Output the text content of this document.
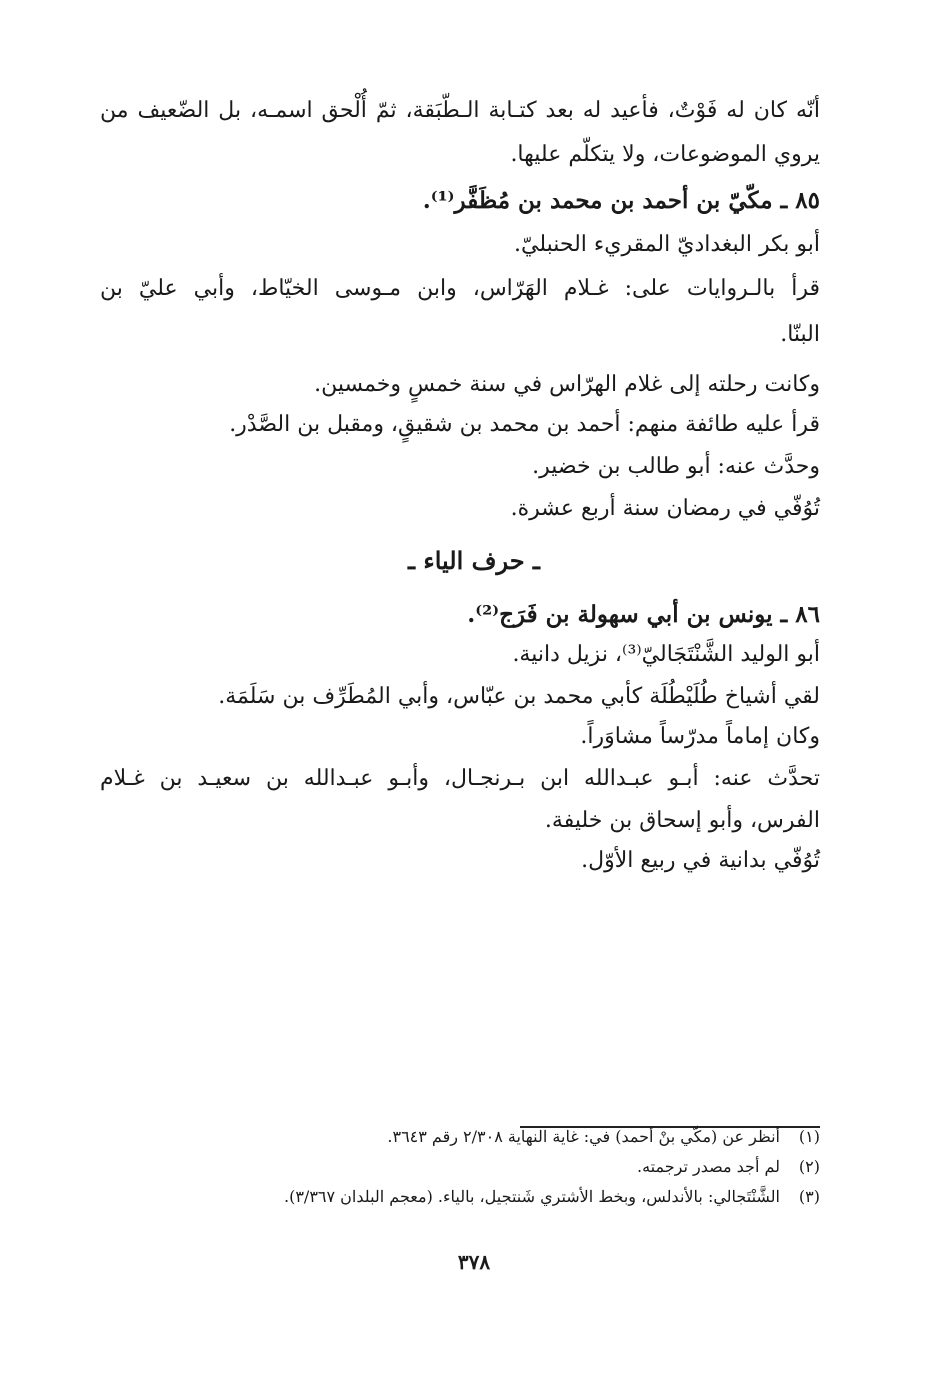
أنّه كان له فَوْتٌ، فأعيد له بعد كتـابة الـطّبَقة، ثمّ أُلْحق اسمـه، بل الضّعيف من
يروي الموضوعات، ولا يتكلّم عليها.
٨٥ ـ مكّيّ بن أحمد بن محمد بن مُظَفَّر⁽¹⁾.
أبو بكر البغداديّ المقريء الحنبليّ.
قرأ بالـروايات على: غـلام الهَرّاس، وابن مـوسى الخيّاط، وأبي عليّ بن
البنّا.
وكانت رحلته إلى غلام الهرّاس في سنة خمسٍ وخمسين.
قرأ عليه طائفة منهم: أحمد بن محمد بن شقيقٍ، ومقبل بن الصَّدْر.
وحدَّث عنه: أبو طالب بن خضير.
تُوُفّي في رمضان سنة أربع عشرة.
ـ حرف الياء ـ
٨٦ ـ يونس بن أبي سهولة بن فَرَج⁽²⁾.
أبو الوليد الشَّنْتَجَاليّ⁽³⁾، نزيل دانية.
لقي أشياخ طُلَيْطُلَة كأبي محمد بن عبّاس، وأبي المُطَرِّف بن سَلَمَة.
وكان إماماً مدرّساً مشاوَراً.
تحدَّث عنه: أبـو عبـدالله ابن بـرنجـال، وأبـو عبـدالله بن سعيـد بن غـلام
الفرس، وأبو إسحاق بن خليفة.
تُوُفّي بدانية في ربيع الأوّل.
(١)أنظر عن (مكّي بنْ أحمد) في: غاية النهاية ٢/٣٠٨ رقم ٣٦٤٣.
(٢)لم أجد مصدر ترجمته.
(٣)الشَّنْتَجالي: بالأندلس، وبخط الأشتري شَنتجيل، بالياء. (معجم البلدان ٣/٣٦٧).
٣٧٨
